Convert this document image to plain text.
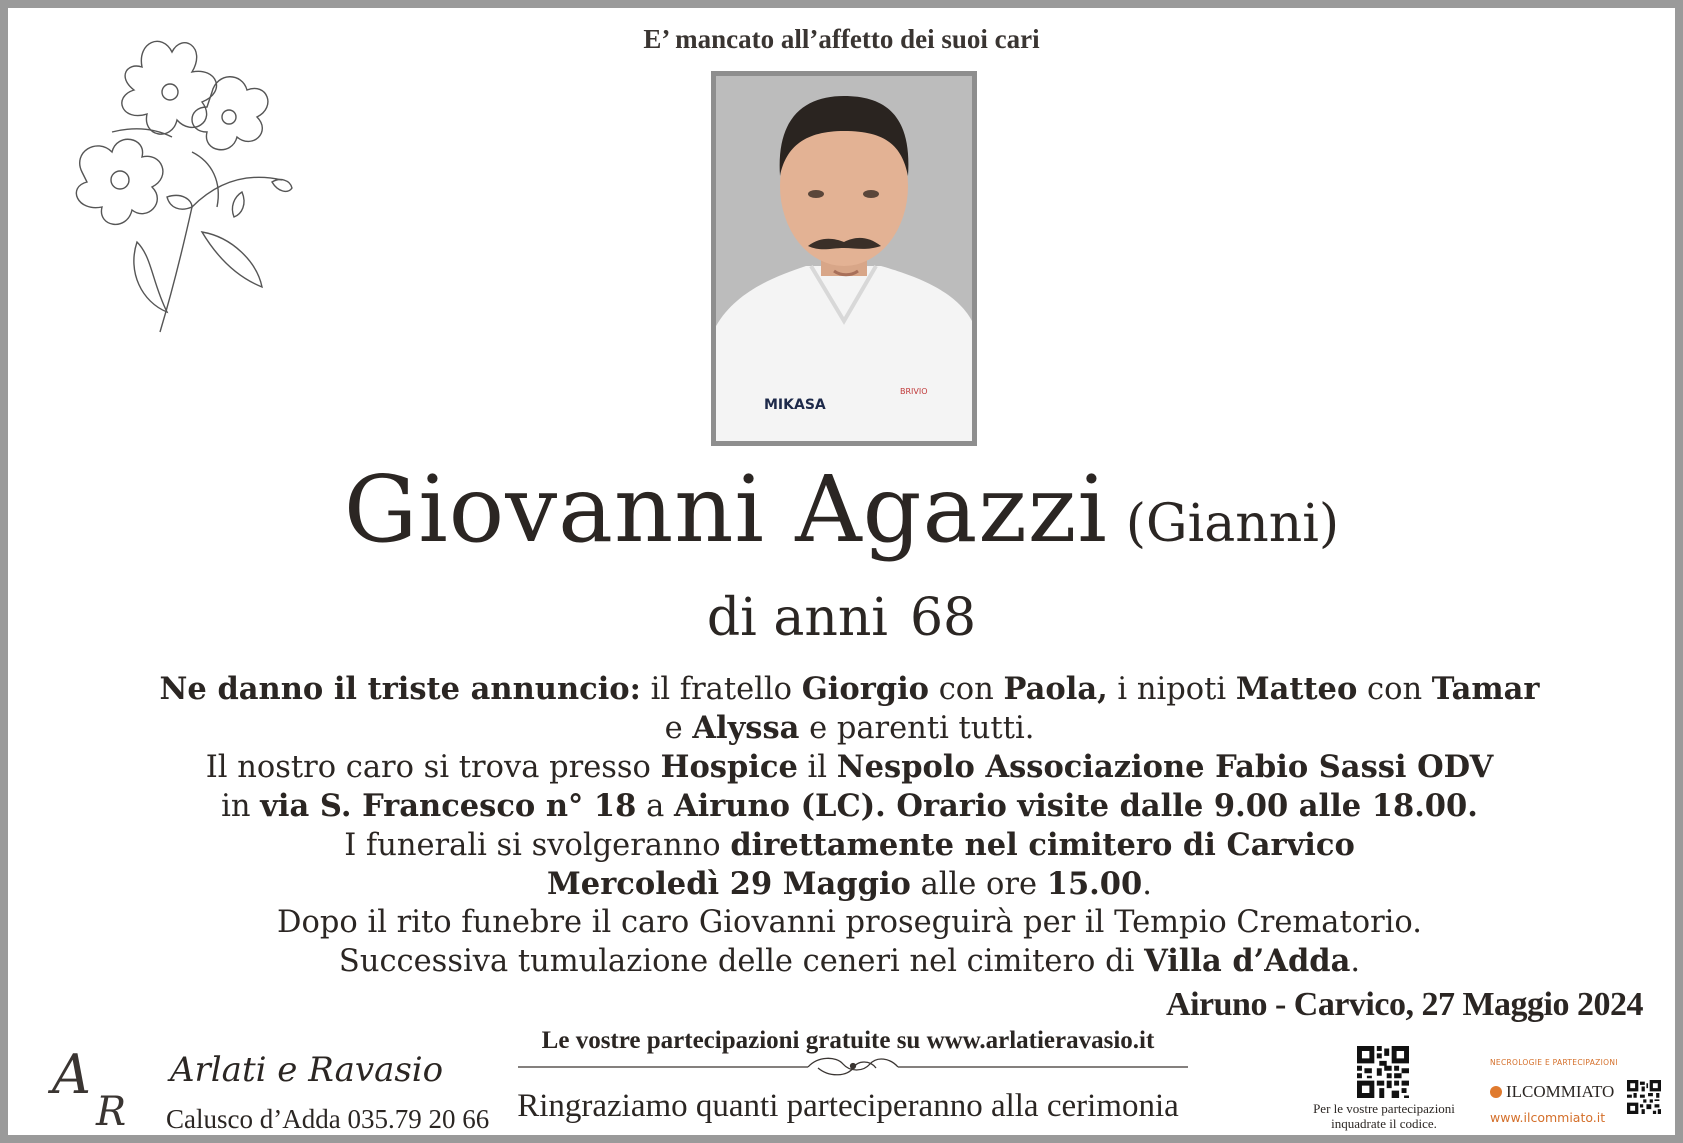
E’ mancato all’affetto dei suoi cari
MIKASA
BRIVIO
Giovanni Agazzi (Gianni)
di anni 68
Ne danno il triste annuncio: il fratello Giorgio con Paola, i nipoti Matteo con Tamar
e Alyssa e parenti tutti.
Il nostro caro si trova presso Hospice il Nespolo Associazione Fabio Sassi ODV
in via S. Francesco n° 18 a Airuno (LC). Orario visite dalle 9.00 alle 18.00.
I funerali si svolgeranno direttamente nel cimitero di Carvico
Mercoledì 29 Maggio alle ore 15.00.
Dopo il rito funebre il caro Giovanni proseguirà per il Tempio Crematorio.
Successiva tumulazione delle ceneri nel cimitero di Villa d’Adda.
Airuno - Carvico, 27 Maggio 2024
A
R
Arlati e Ravasio
Calusco d’Adda 035.79 20 66
Le vostre partecipazioni gratuite su www.arlatieravasio.it
Ringraziamo quanti parteciperanno alla cerimonia	Per le vostre partecipazioni
inquadrate il codice.
NECROLOGIE E PARTECIPAZIONI
ILCOMMIATO
www.ilcommiato.it
